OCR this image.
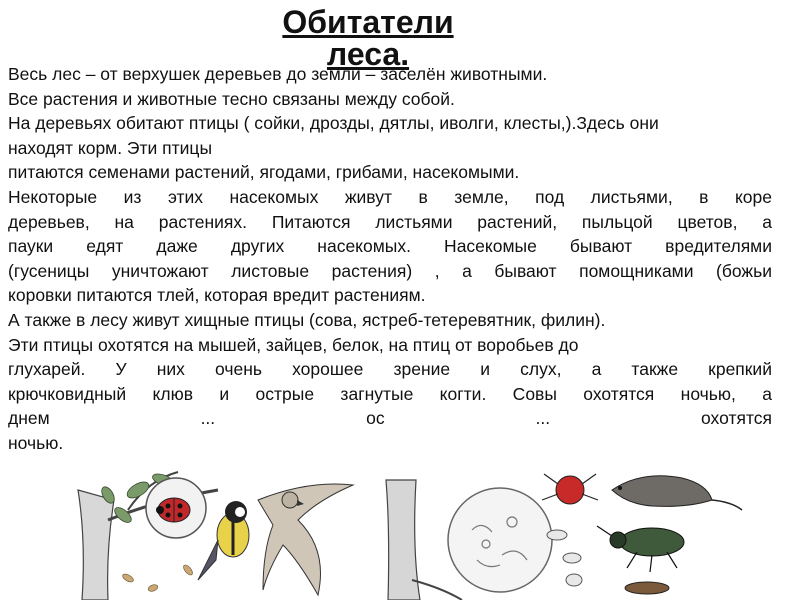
Обитатели леса.
Весь лес – от верхушек деревьев до земли – заселён животными.
Все растения и животные тесно связаны между собой.
На деревьях обитают птицы ( сойки, дрозды, дятлы, иволги, клесты,).Здесь они
находят корм. Эти птицы
питаются семенами растений, ягодами, грибами, насекомыми.
Некоторые из этих насекомых живут в земле, под листьями, в коре
деревьев, на растениях. Питаются листьями растений, пыльцой цветов, а
пауки едят даже других насекомых. Насекомые бывают вредителями
(гусеницы уничтожают листовые растения) , а бывают помощниками (божьи
коровки питаются тлей, которая вредит растениям.
А также в лесу живут хищные птицы (сова, ястреб-тетеревятник, филин).
Эти птицы охотятся на мышей, зайцев, белок, на птиц от воробьев до
глухарей. У них очень хорошее зрение и слух, а также крепкий
крючковидный клюв и острые загнутые когти. Совы охотятся ночью, а
днем ... ос ... охотятся
ночью.
